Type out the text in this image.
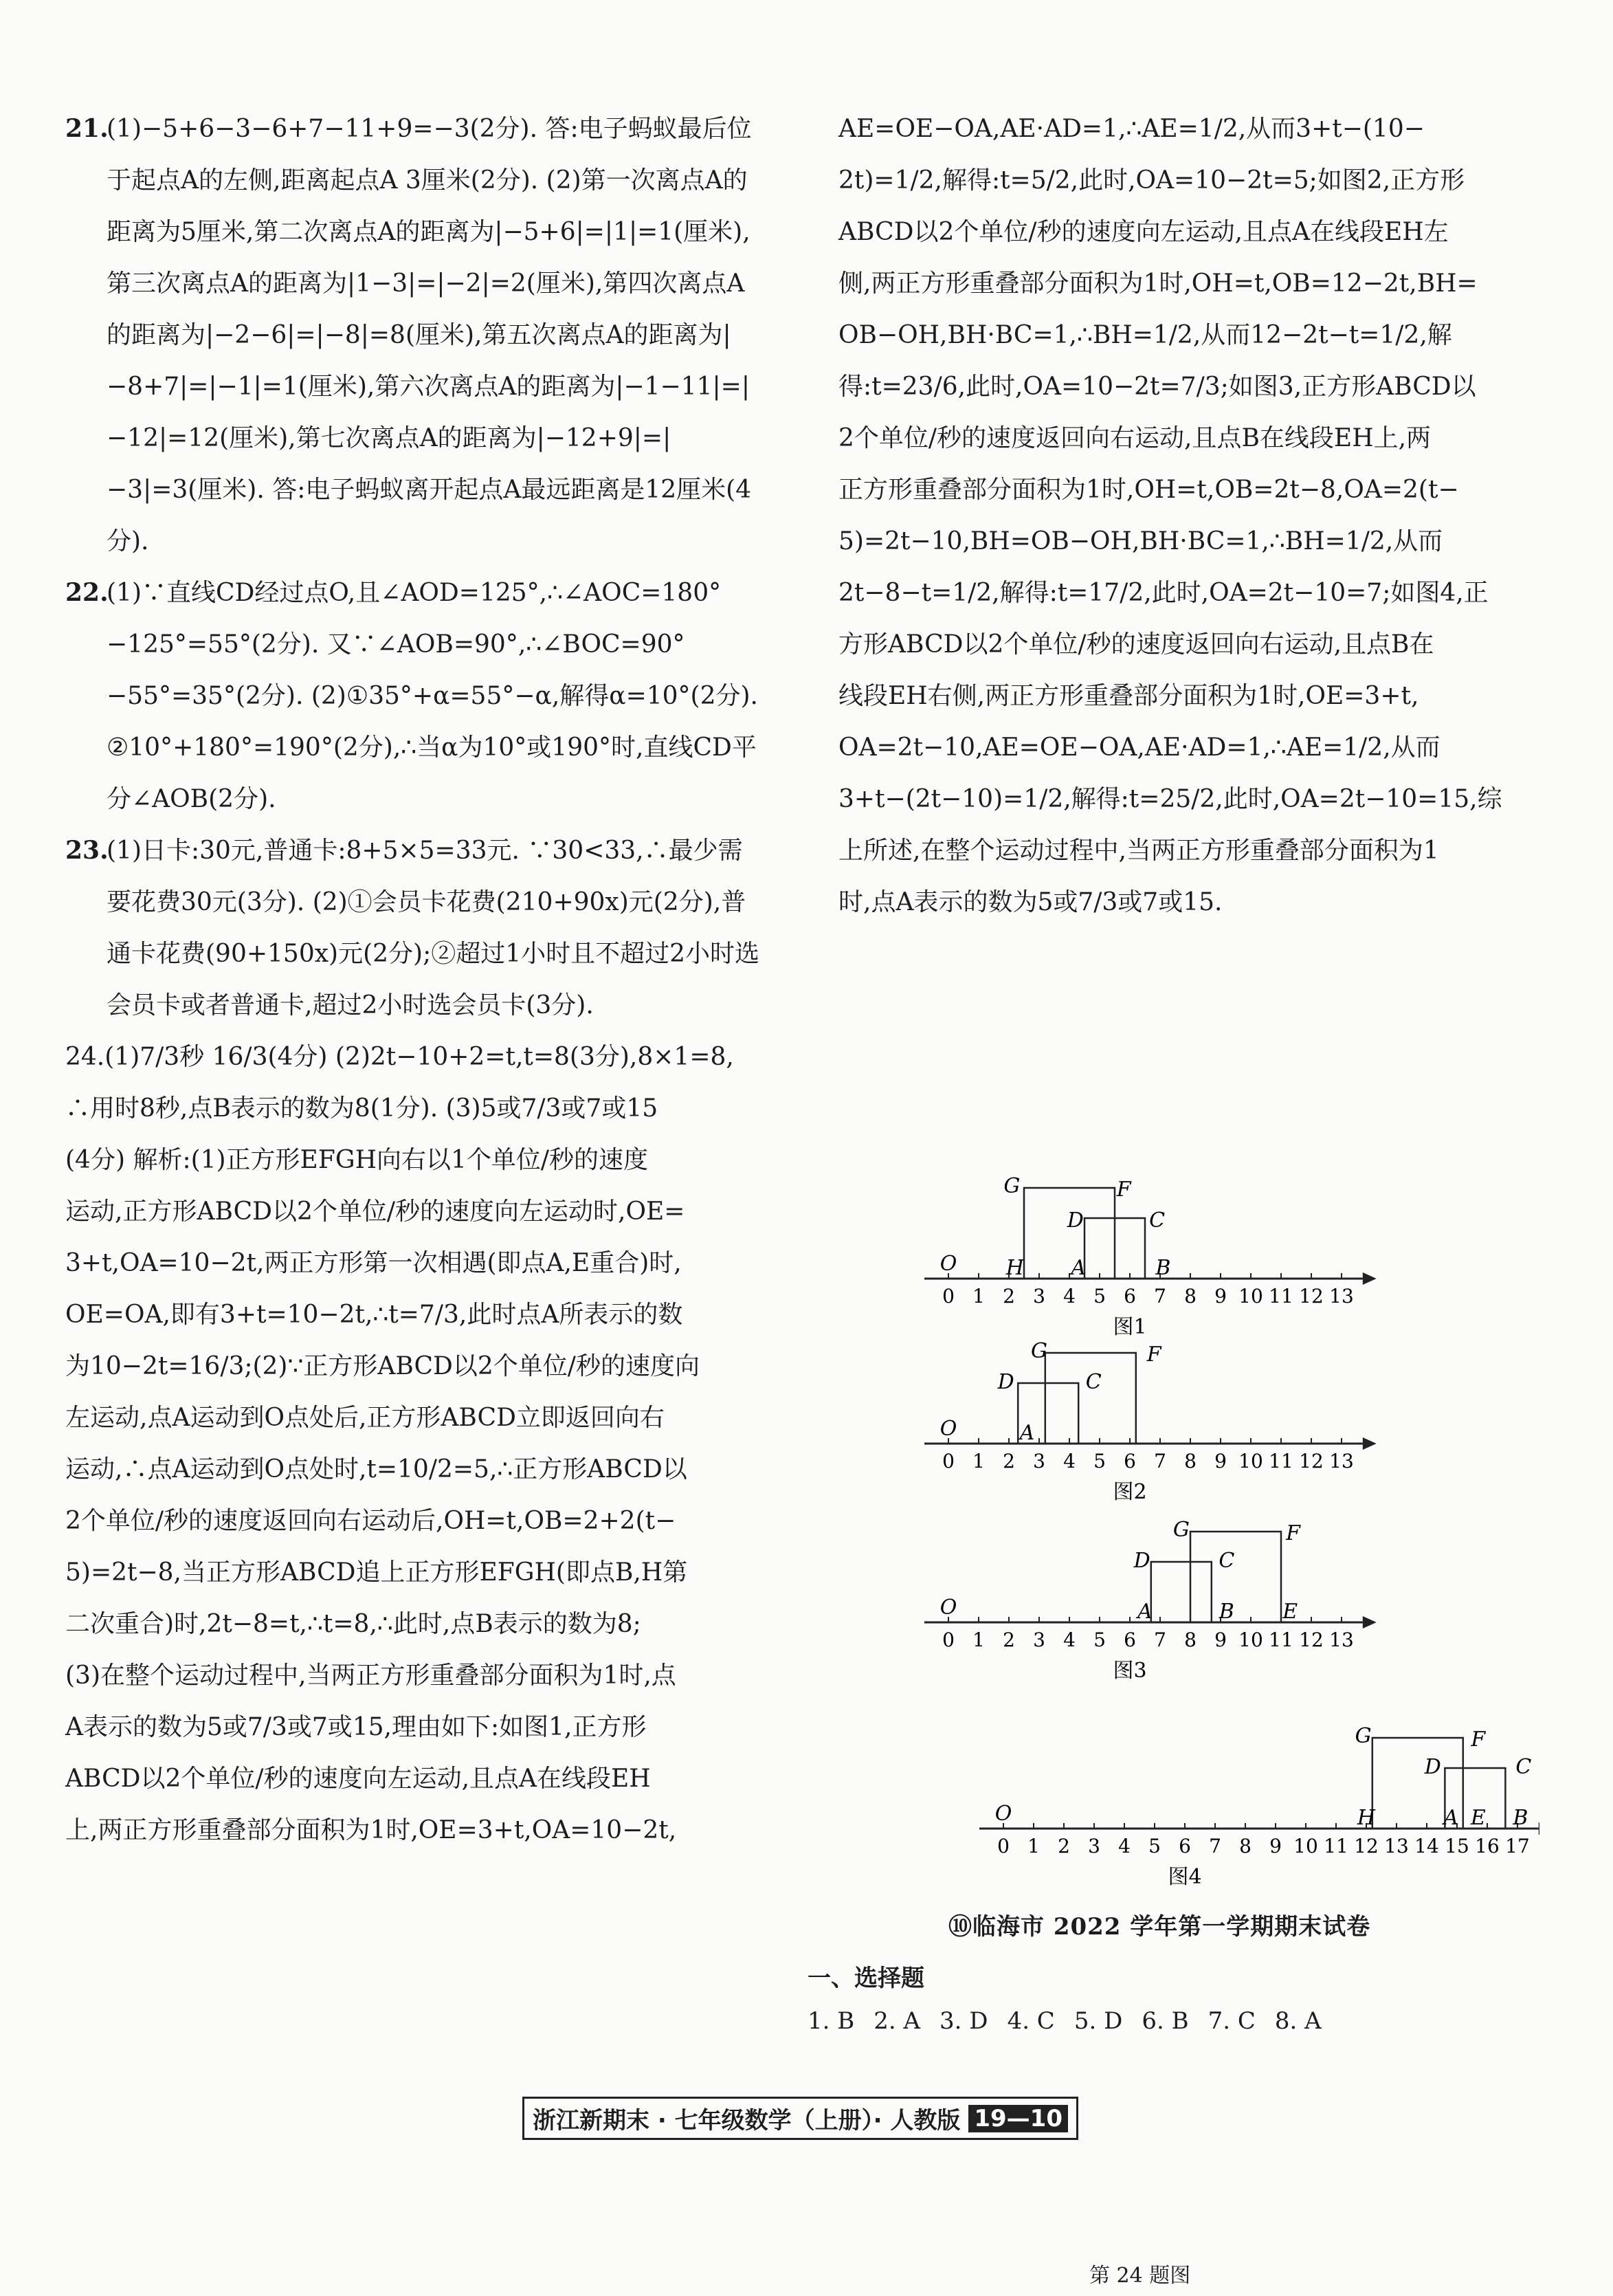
21.(1)−5+6−3−6+7−11+9=−3(2分). 答:电子蚂蚁最后位于起点A的左侧,距离起点A 3厘米(2分). (2)第一次离点A的距离为5厘米,第二次离点A的距离为|−5+6|=|1|=1(厘米),第三次离点A的距离为|1−3|=|−2|=2(厘米),第四次离点A的距离为|−2−6|=|−8|=8(厘米),第五次离点A的距离为|−8+7|=|−1|=1(厘米),第六次离点A的距离为|−1−11|=|−12|=12(厘米),第七次离点A的距离为|−12+9|=|−3|=3(厘米). 答:电子蚂蚁离开起点A最远距离是12厘米(4分).

22.(1)∵直线CD经过点O,且∠AOD=125°,∴∠AOC=180°−125°=55°(2分). 又∵∠AOB=90°,∴∠BOC=90°−55°=35°(2分). (2)①35°+α=55°−α,解得α=10°(2分). ②10°+180°=190°(2分),∴当α为10°或190°时,直线CD平分∠AOB(2分).

23.(1)日卡:30元,普通卡:8+5×5=33元. ∵30<33,∴最少需要花费30元(3分). (2)①会员卡花费(210+90x)元(2分),普通卡花费(90+150x)元(2分);②超过1小时且不超过2小时选会员卡或者普通卡,超过2小时选会员卡(3分).

24.(1)7/3秒 16/3(4分) (2)2t−10+2=t,t=8(3分),8×1=8,

∴用时8秒,点B表示的数为8(1分). (3)5或7/3或7或15

(4分) 解析:(1)正方形EFGH向右以1个单位/秒的速度

运动,正方形ABCD以2个单位/秒的速度向左运动时,OE=

3+t,OA=10−2t,两正方形第一次相遇(即点A,E重合)时,

OE=OA,即有3+t=10−2t,∴t=7/3,此时点A所表示的数

为10−2t=16/3;(2)∵正方形ABCD以2个单位/秒的速度向

左运动,点A运动到O点处后,正方形ABCD立即返回向右

运动,∴点A运动到O点处时,t=10/2=5,∴正方形ABCD以

2个单位/秒的速度返回向右运动后,OH=t,OB=2+2(t−

5)=2t−8,当正方形ABCD追上正方形EFGH(即点B,H第

二次重合)时,2t−8=t,∴t=8,∴此时,点B表示的数为8;

(3)在整个运动过程中,当两正方形重叠部分面积为1时,点

A表示的数为5或7/3或7或15,理由如下:如图1,正方形

ABCD以2个单位/秒的速度向左运动,且点A在线段EH

上,两正方形重叠部分面积为1时,OE=3+t,OA=10−2t,

AE=OE−OA,AE·AD=1,∴AE=1/2,从而3+t−(10−

2t)=1/2,解得:t=5/2,此时,OA=10−2t=5;如图2,正方形

ABCD以2个单位/秒的速度向左运动,且点A在线段EH左

侧,两正方形重叠部分面积为1时,OH=t,OB=12−2t,BH=

OB−OH,BH·BC=1,∴BH=1/2,从而12−2t−t=1/2,解

得:t=23/6,此时,OA=10−2t=7/3;如图3,正方形ABCD以

2个单位/秒的速度返回向右运动,且点B在线段EH上,两

正方形重叠部分面积为1时,OH=t,OB=2t−8,OA=2(t−

5)=2t−10,BH=OB−OH,BH·BC=1,∴BH=1/2,从而

2t−8−t=1/2,解得:t=17/2,此时,OA=2t−10=7;如图4,正

方形ABCD以2个单位/秒的速度返回向右运动,且点B在

线段EH右侧,两正方形重叠部分面积为1时,OE=3+t,

OA=2t−10,AE=OE−OA,AE·AD=1,∴AE=1/2,从而

3+t−(2t−10)=1/2,解得:t=25/2,此时,OA=2t−10=15,综

上所述,在整个运动过程中,当两正方形重叠部分面积为1

时,点A表示的数为5或7/3或7或15.

0 1 2 3 4 5 6 7 8 9 10 11 12 13
G	F
D	C
O H A	B
图1
0 1 2 3 4 5 6 7 8 9 10 11 12 13
G	F
D	C
O	A
图2
0 1 2 3 4 5 6 7 8 9 10 11 12 13
G	F
D	C
O	A	B E
图3
0 1 2 3 4 5 6 7 8 9 10 11 12 13 14 15 16 17
G	F
D	C
O	H	A E B
图4
第 24 题图
⑩临海市 2022 学年第一学期期末试卷
一、选择题
1. B 2. A 3. D 4. C 5. D 6. B 7. C 8. A
浙江新期末 · 七年级数学（上册）· 人教版 19—10
